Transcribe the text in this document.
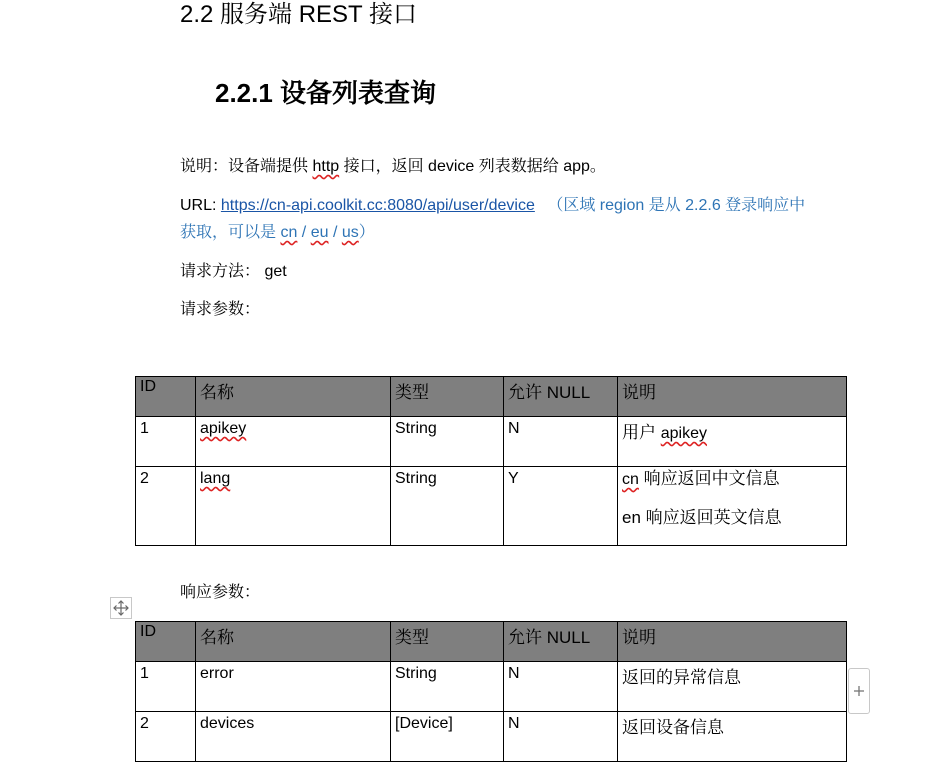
2.2 服务端 REST 接口
2.2.1 设备列表查询
说明：设备端提供 http 接口，返回 device 列表数据给 app。
URL: https://cn-api.coolkit.cc:8080/api/user/device （区域 region 是从 2.2.6 登录响应中
获取，可以是 cn / eu / us）
请求方法： get
请求参数：
ID	名称	类型	允许 NULL	说明
1	apikey	String	N	用户 apikey
2	lang	String	Y	cn 响应返回中文信息
en 响应返回英文信息
响应参数：
ID	名称	类型	允许 NULL	说明
1	error	String	N	返回的异常信息
2	devices	[Device]	N	返回设备信息
